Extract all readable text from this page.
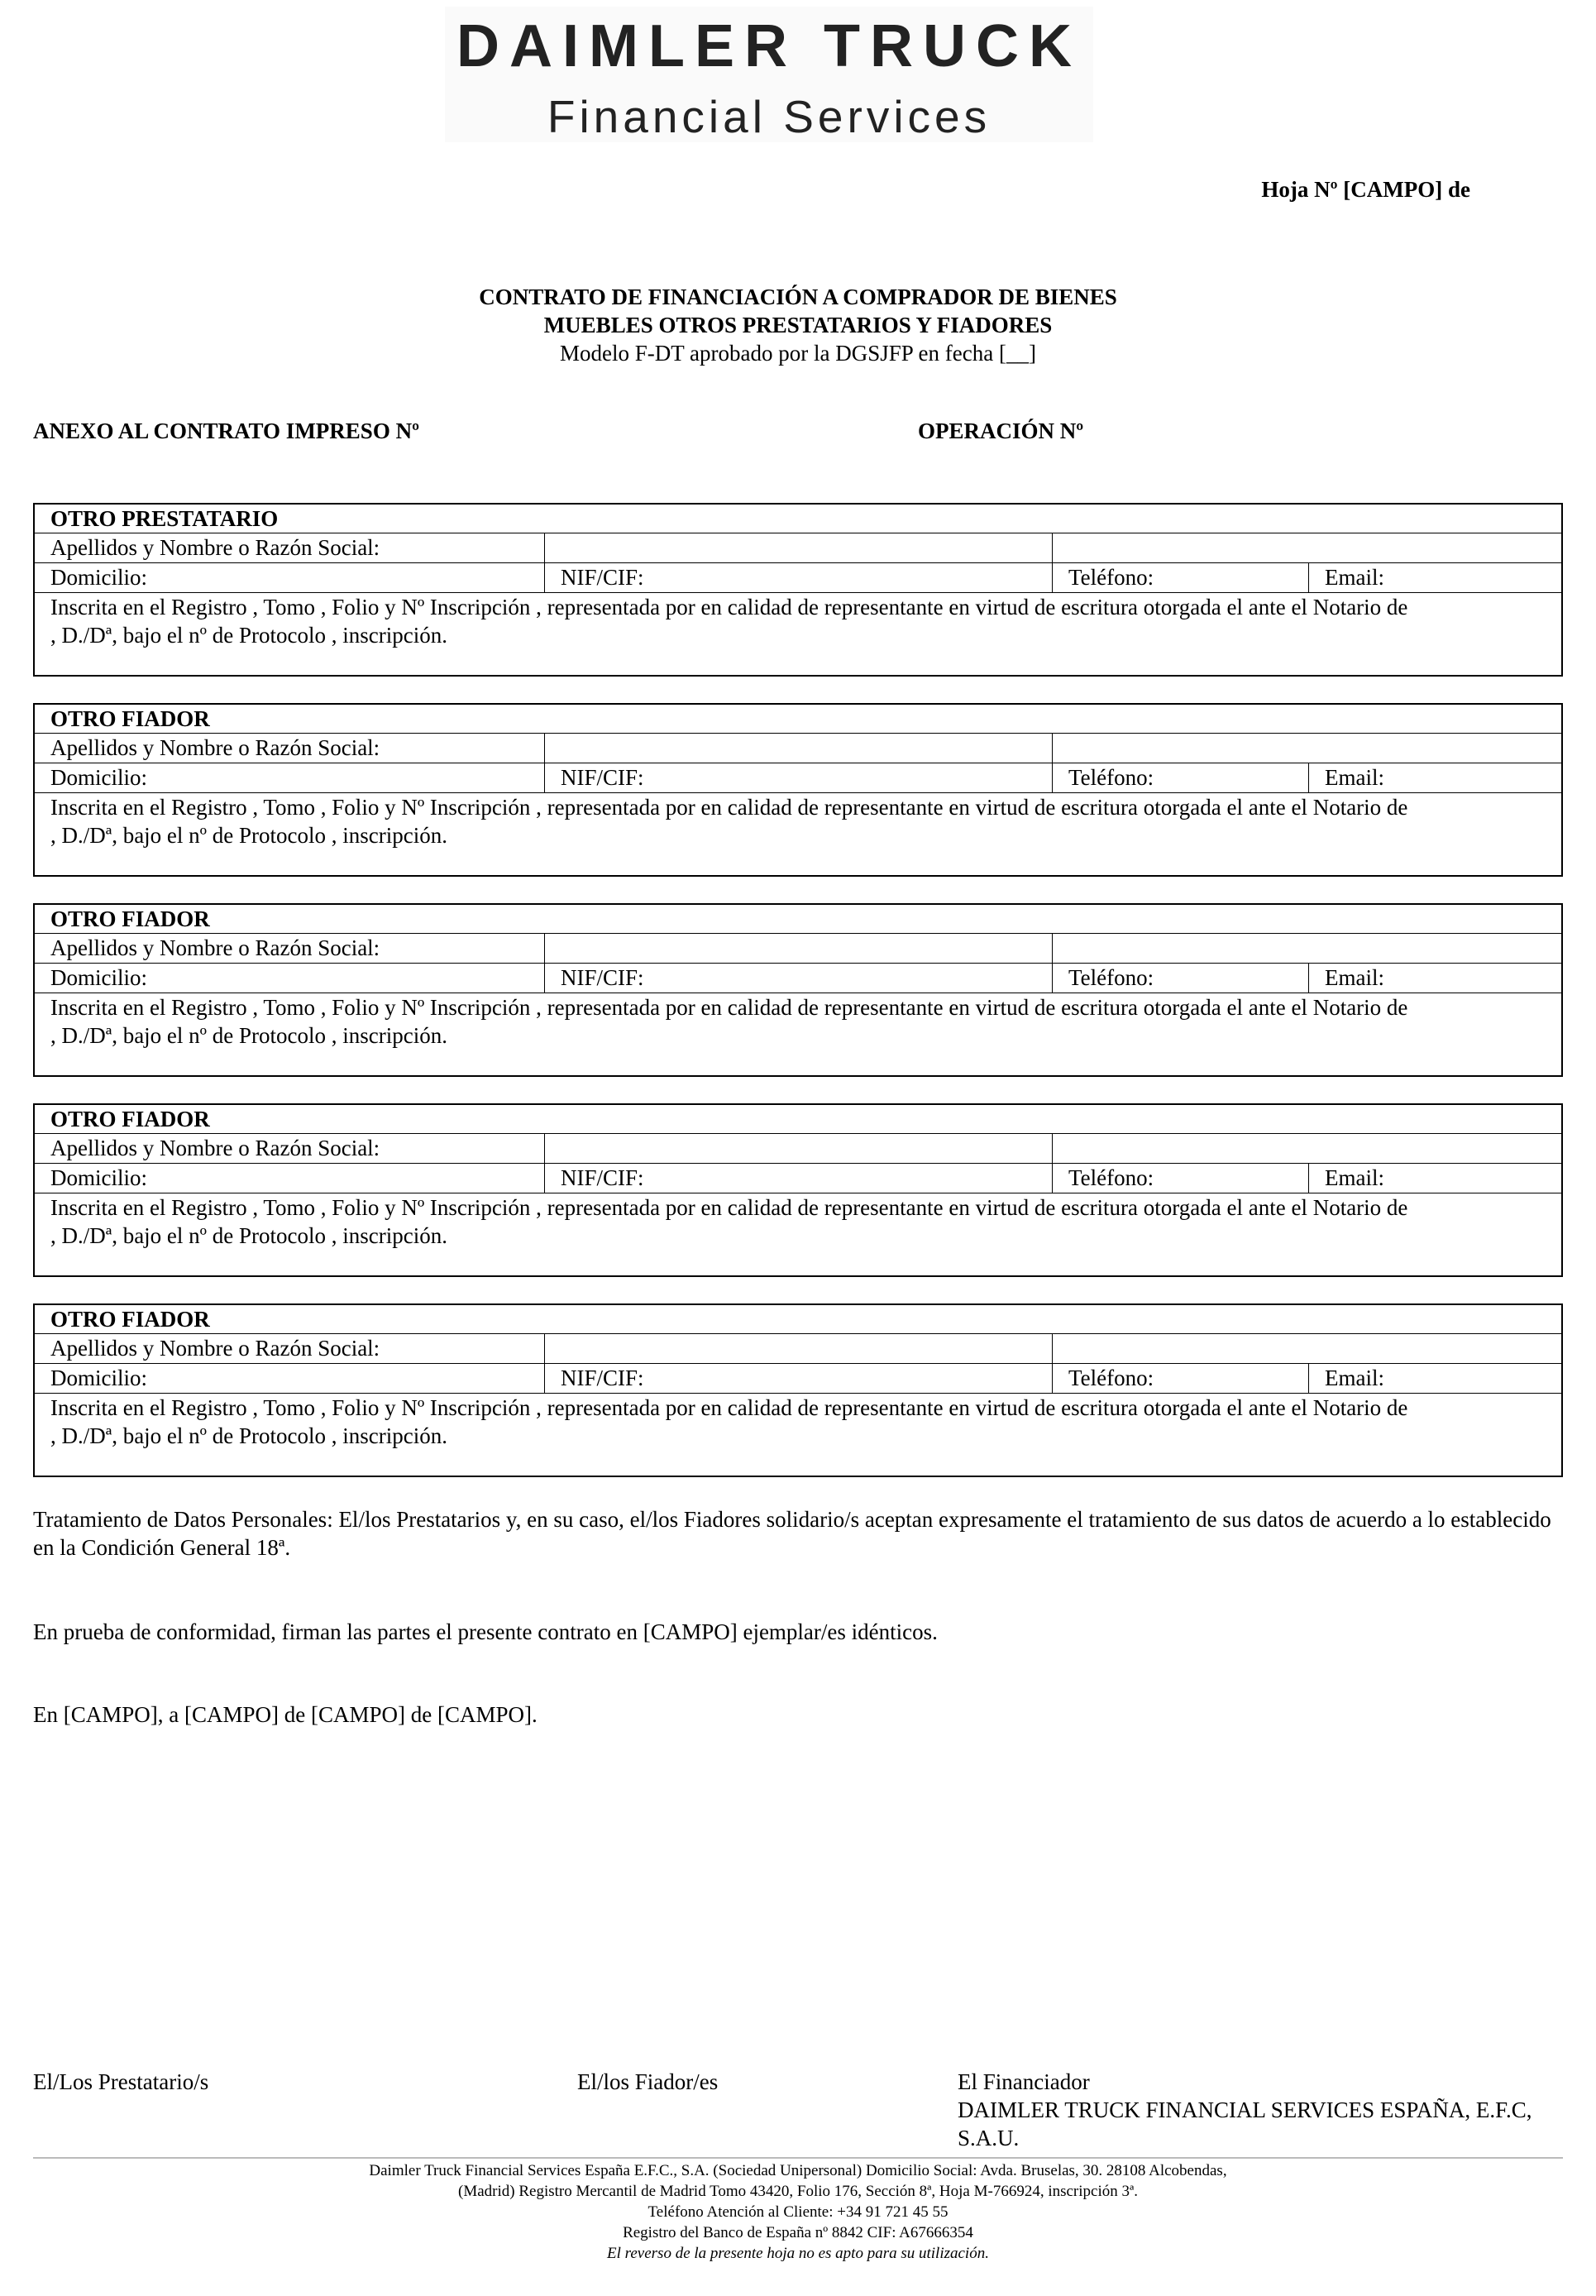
DAIMLER TRUCK
Financial Services
Hoja Nº [CAMPO] de
CONTRATO DE FINANCIACIÓN A COMPRADOR DE BIENES
MUEBLES OTROS PRESTATARIOS Y FIADORES
Modelo F-DT aprobado por la DGSJFP en fecha [__]
ANEXO AL CONTRATO IMPRESO Nº	OPERACIÓN Nº
OTRO PRESTATARIO
Apellidos y Nombre o Razón Social:
Domicilio:	NIF/CIF:	Teléfono:	Email:
Inscrita en el Registro , Tomo , Folio y Nº Inscripción , representada por en calidad de representante en virtud de escritura otorgada el ante el Notario de
, D./Dª, bajo el nº de Protocolo , inscripción.
OTRO FIADOR
Apellidos y Nombre o Razón Social:
Domicilio:	NIF/CIF:	Teléfono:	Email:
Inscrita en el Registro , Tomo , Folio y Nº Inscripción , representada por en calidad de representante en virtud de escritura otorgada el ante el Notario de
, D./Dª, bajo el nº de Protocolo , inscripción.
OTRO FIADOR
Apellidos y Nombre o Razón Social:
Domicilio:	NIF/CIF:	Teléfono:	Email:
Inscrita en el Registro , Tomo , Folio y Nº Inscripción , representada por en calidad de representante en virtud de escritura otorgada el ante el Notario de
, D./Dª, bajo el nº de Protocolo , inscripción.
OTRO FIADOR
Apellidos y Nombre o Razón Social:
Domicilio:	NIF/CIF:	Teléfono:	Email:
Inscrita en el Registro , Tomo , Folio y Nº Inscripción , representada por en calidad de representante en virtud de escritura otorgada el ante el Notario de
, D./Dª, bajo el nº de Protocolo , inscripción.
OTRO FIADOR
Apellidos y Nombre o Razón Social:
Domicilio:	NIF/CIF:	Teléfono:	Email:
Inscrita en el Registro , Tomo , Folio y Nº Inscripción , representada por en calidad de representante en virtud de escritura otorgada el ante el Notario de
, D./Dª, bajo el nº de Protocolo , inscripción.
Tratamiento de Datos Personales: El/los Prestatarios y, en su caso, el/los Fiadores solidario/s aceptan expresamente el tratamiento de sus datos de acuerdo a lo establecido en la Condición General 18ª.
En prueba de conformidad, firman las partes el presente contrato en [CAMPO] ejemplar/es idénticos.
En [CAMPO], a [CAMPO] de [CAMPO] de [CAMPO].
El/Los Prestatario/s	El/los Fiador/es	El Financiador
DAIMLER TRUCK FINANCIAL SERVICES ESPAÑA, E.F.C,
S.A.U.
Daimler Truck Financial Services España E.F.C., S.A. (Sociedad Unipersonal) Domicilio Social: Avda. Bruselas, 30. 28108 Alcobendas,
(Madrid) Registro Mercantil de Madrid Tomo 43420, Folio 176, Sección 8ª, Hoja M-766924, inscripción 3ª.
Teléfono Atención al Cliente: +34 91 721 45 55
Registro del Banco de España nº 8842 CIF: A67666354
El reverso de la presente hoja no es apto para su utilización.
